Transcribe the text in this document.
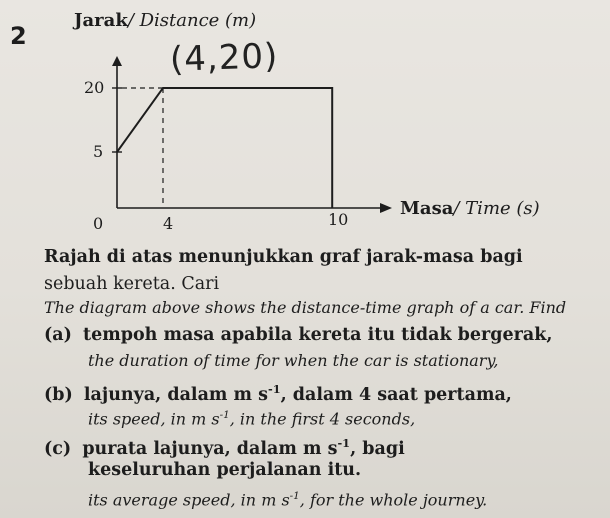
2
Jarak/ Distance (m)
(4,20)
20
5
0	4	10
Masa/ Time (s)
Rajah di atas menunjukkan graf jarak-masa bagi
sebuah kereta. Cari
The diagram above shows the distance-time graph of a car. Find
(a) tempoh masa apabila kereta itu tidak bergerak,
the duration of time for when the car is stationary,
(b) lajunya, dalam m $s^{-1}$, dalam 4 saat pertama,
its speed, in m $s^{-1}$, in the first 4 seconds,
(c) purata lajunya, dalam m $s^{-1}$, bagi
keseluruhan perjalanan itu.
its average speed, in m $s^{-1}$, for the whole journey.
